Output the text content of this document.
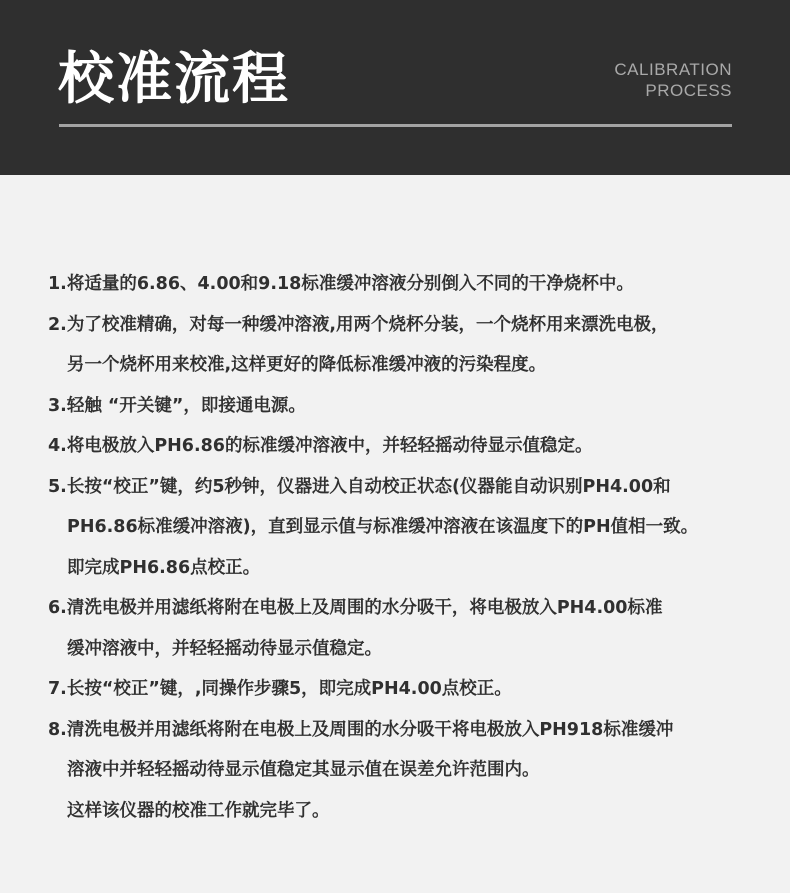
校准流程	CALIBRATION
PROCESS
1.将适量的6.86、4.00和9.18标准缓冲溶液分别倒入不同的干净烧杯中。
2.为了校准精确，对每一种缓冲溶液,用两个烧杯分装，一个烧杯用来漂洗电极，
另一个烧杯用来校准,这样更好的降低标准缓冲液的污染程度。
3.轻触 “开关键”，即接通电源。
4.将电极放入PH6.86的标准缓冲溶液中，并轻轻摇动待显示值稳定。
5.长按“校正”键，约5秒钟，仪器进入自动校正状态(仪器能自动识别PH4.00和
PH6.86标准缓冲溶液)，直到显示值与标准缓冲溶液在该温度下的PH值相一致。
即完成PH6.86点校正。
6.清洗电极并用滤纸将附在电极上及周围的水分吸干，将电极放入PH4.00标准
缓冲溶液中，并轻轻摇动待显示值稳定。
7.长按“校正”键，,同操作步骤5，即完成PH4.00点校正。
8.清洗电极并用滤纸将附在电极上及周围的水分吸干将电极放入PH918标准缓冲
溶液中并轻轻摇动待显示值稳定其显示值在误差允许范围内。
这样该仪器的校准工作就完毕了。
